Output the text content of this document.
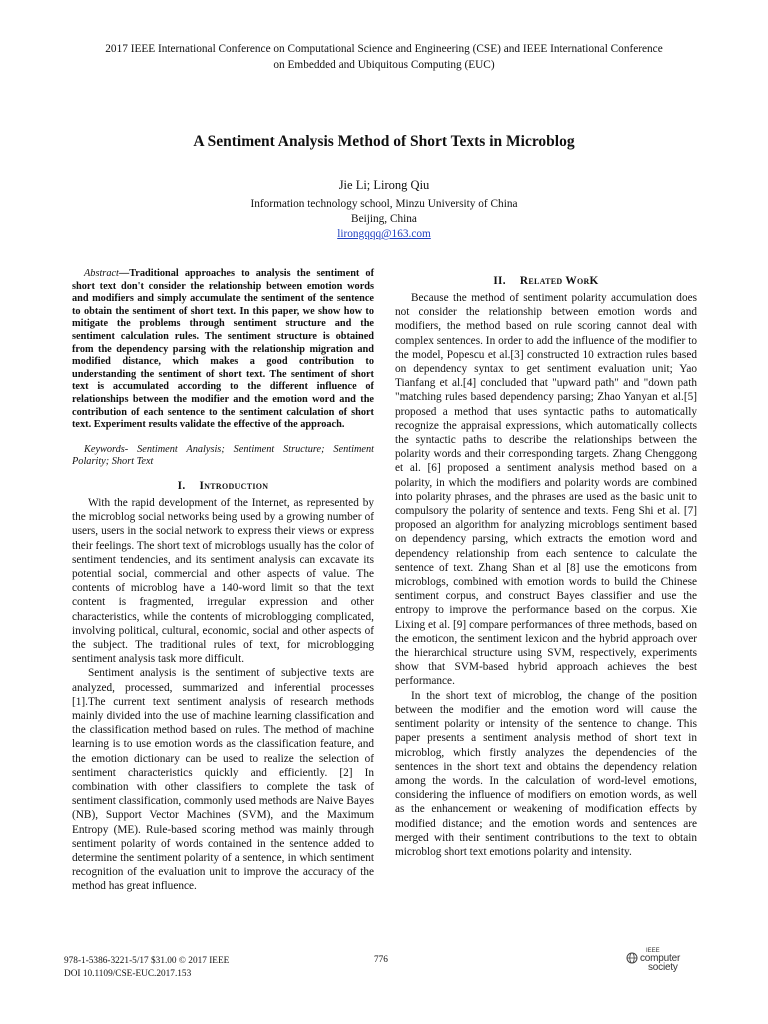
2017 IEEE International Conference on Computational Science and Engineering (CSE) and IEEE International Conference
on Embedded and Ubiquitous Computing (EUC)
A Sentiment Analysis Method of Short Texts in Microblog
Jie Li; Lirong Qiu
Information technology school, Minzu University of China
Beijing, China
lirongqqq@163.com

Abstract—Traditional approaches to analysis the sentiment of short text don't consider the relationship between emotion words and modifiers and simply accumulate the sentiment of the sentence to obtain the sentiment of short text. In this paper, we show how to mitigate the problems through sentiment structure and the sentiment calculation rules. The sentiment structure is obtained from the dependency parsing with the relationship migration and modified distance, which makes a good contribution to understanding the sentiment of short text. The sentiment of short text is accumulated according to the different influence of relationships between the modifier and the emotion word and the contribution of each sentence to the sentiment calculation of short text. Experiment results validate the effective of the approach.

Keywords- Sentiment Analysis; Sentiment Structure; Sentiment Polarity; Short Text

I. Introduction

With the rapid development of the Internet, as represented by the microblog social networks being used by a growing number of users, users in the social network to express their views or express their feelings. The short text of microblogs usually has the color of sentiment tendencies, and its sentiment analysis can excavate its potential social, commercial and other aspects of value. The contents of microblog have a 140-word limit so that the text content is fragmented, irregular expression and other characteristics, while the contents of microblogging complicated, involving political, cultural, economic, social and other aspects of the subject. The traditional rules of text, for microblogging sentiment analysis task more difficult.

Sentiment analysis is the sentiment of subjective texts are analyzed, processed, summarized and inferential processes [1].The current text sentiment analysis of research methods mainly divided into the use of machine learning classification and the classification method based on rules. The method of machine learning is to use emotion words as the classification feature, and the emotion dictionary can be used to realize the selection of sentiment characteristics quickly and efficiently. [2] In combination with other classifiers to complete the task of sentiment classification, commonly used methods are Naive Bayes (NB), Support Vector Machines (SVM), and the Maximum Entropy (ME). Rule-based scoring method was mainly through sentiment polarity of words contained in the sentence added to determine the sentiment polarity of a sentence, in which sentiment recognition of the evaluation unit to improve the accuracy of the method has great influence.

II. Related WorK

Because the method of sentiment polarity accumulation does not consider the relationship between emotion words and modifiers, the method based on rule scoring cannot deal with complex sentences. In order to add the influence of the modifier to the model, Popescu et al.[3] constructed 10 extraction rules based on dependency syntax to get sentiment evaluation unit; Yao Tianfang et al.[4] concluded that "upward path" and "down path "matching rules based dependency parsing; Zhao Yanyan et al.[5] proposed a method that uses syntactic paths to automatically recognize the appraisal expressions, which automatically collects the syntactic paths to describe the relationships between the polarity words and their corresponding targets. Zhang Chenggong et al. [6] proposed a sentiment analysis method based on a polarity, in which the modifiers and polarity words are combined into polarity phrases, and the phrases are used as the basic unit to compulsory the polarity of sentence and texts. Feng Shi et al. [7] proposed an algorithm for analyzing microblogs sentiment based on dependency parsing, which extracts the emotion word and dependency relationship from each sentence to calculate the sentence of text. Zhang Shan et al [8] use the emoticons from microblogs, combined with emotion words to build the Chinese sentiment corpus, and construct Bayes classifier and use the entropy to improve the performance based on the corpus. Xie Lixing et al. [9] compare performances of three methods, based on the emoticon, the sentiment lexicon and the hybrid approach over the hierarchical structure using SVM, respectively, experiments show that SVM-based hybrid approach achieves the best performance.

In the short text of microblog, the change of the position between the modifier and the emotion word will cause the sentiment polarity or intensity of the sentence to change. This paper presents a sentiment analysis method of short text in microblog, which firstly analyzes the dependencies of the sentences in the short text and obtains the dependency relation among the words. In the calculation of word-level emotions, considering the influence of modifiers on emotion words, as well as the enhancement or weakening of modification effects by modified distance; and the emotion words and sentences are merged with their sentiment contributions to the text to obtain microblog short text emotions polarity and intensity.

978-1-5386-3221-5/17 $31.00 © 2017 IEEE
DOI 10.1109/CSE-EUC.2017.153
776
IEEE
computer
society
